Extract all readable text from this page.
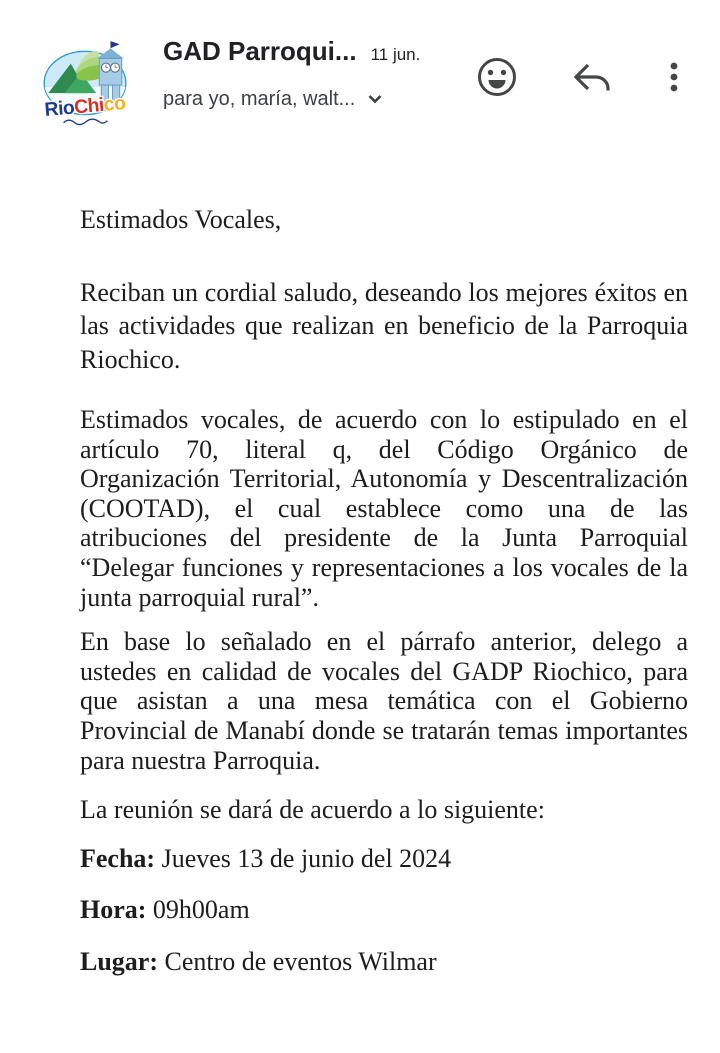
RioChico
GAD Parroqui... 11 jun.
para yo, maría, walt...

Estimados Vocales,

Reciban un cordial saludo, deseando los mejores éxitos en las actividades que realizan en beneficio de la Parroquia Riochico.

Estimados vocales, de acuerdo con lo estipulado en el artículo 70, literal q, del Código Orgánico de Organización Territorial, Autonomía y Descentralización (COOTAD), el cual establece como una de las atribuciones del presidente de la Junta Parroquial “Delegar funciones y representaciones a los vocales de la junta parroquial rural”.

En base lo señalado en el párrafo anterior, delego a ustedes en calidad de vocales del GADP Riochico, para que asistan a una mesa temática con el Gobierno Provincial de Manabí donde se tratarán temas importantes para nuestra Parroquia.

La reunión se dará de acuerdo a lo siguiente:

Fecha: Jueves 13 de junio del 2024

Hora: 09h00am

Lugar: Centro de eventos Wilmar
